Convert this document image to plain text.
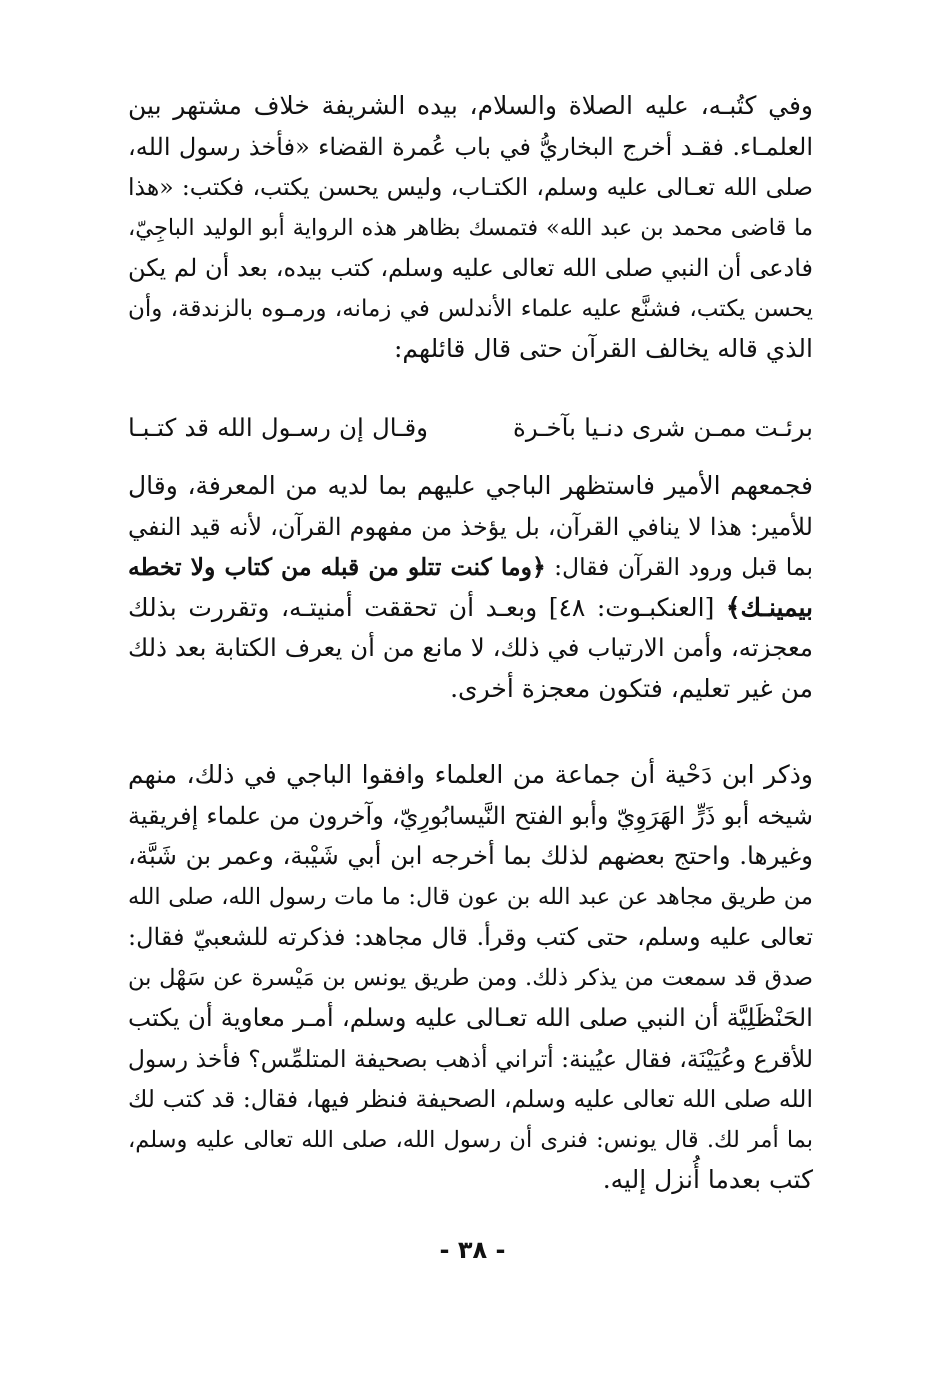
وفي كتُبـه، عليه الصلاة والسلام، بيده الشريفة خلاف مشتهر بين
العلمـاء. فقـد أخرج البخاريُّ في باب عُمرة القضاء «فأخذ رسول الله،
صلى الله تعـالى عليه وسلم، الكتـاب، وليس يحسن يكتب، فكتب: «هذا
ما قاضى محمد بن عبد الله» فتمسك بظاهر هذه الرواية أبو الوليد الباجِيّ،
فادعى أن النبي صلى الله تعالى عليه وسلم، كتب بيده، بعد أن لم يكن
يحسن يكتب، فشنَّع عليه علماء الأندلس في زمانه، ورمـوه بالزندقة، وأن
الذي قاله يخالف القرآن حتى قال قائلهم:
برئـت ممـن شرى دنـيا بآخـرة
وقـال إن رسـول الله قد كتـبـا
فجمعهم الأمير فاستظهر الباجي عليهم بما لديه من المعرفة، وقال
للأمير: هذا لا ينافي القرآن، بل يؤخذ من مفهوم القرآن، لأنه قيد النفي
بما قبل ورود القرآن فقال: ﴿وما كنت تتلو من قبله من كتاب ولا تخطه
بيمينـك﴾ [العنكبـوت: ٤٨] وبعـد أن تحققت أمنيتـه، وتقررت بذلك
معجزته، وأمن الارتياب في ذلك، لا مانع من أن يعرف الكتابة بعد ذلك
من غير تعليم، فتكون معجزة أخرى.
وذكر ابن دَحْية أن جماعة من العلماء وافقوا الباجي في ذلك، منهم
شيخه أبو ذَرٍّ الهَرَوِيّ وأبو الفتح النَّيسابُورِيّ، وآخرون من علماء إفريقية
وغيرها. واحتج بعضهم لذلك بما أخرجه ابن أبي شَيْبة، وعمر بن شَبَّة،
من طريق مجاهد عن عبد الله بن عون قال: ما مات رسول الله، صلى الله
تعالى عليه وسلم، حتى كتب وقرأ. قال مجاهد: فذكرته للشعبيّ فقال:
صدق قد سمعت من يذكر ذلك. ومن طريق يونس بن مَيْسرة عن سَهْل بن
الحَنْظَلِيَّة أن النبي صلى الله تعـالى عليه وسلم، أمـر معاوية أن يكتب
للأقرع وعُيَيْنَة، فقال عيُينة: أتراني أذهب بصحيفة المتلمِّس؟ فأخذ رسول
الله صلى الله تعالى عليه وسلم، الصحيفة فنظر فيها، فقال: قد كتب لك
بما أمر لك. قال يونس: فنرى أن رسول الله، صلى الله تعالى عليه وسلم،
كتب بعدما أُنزل إليه.
- ٣٨ -
